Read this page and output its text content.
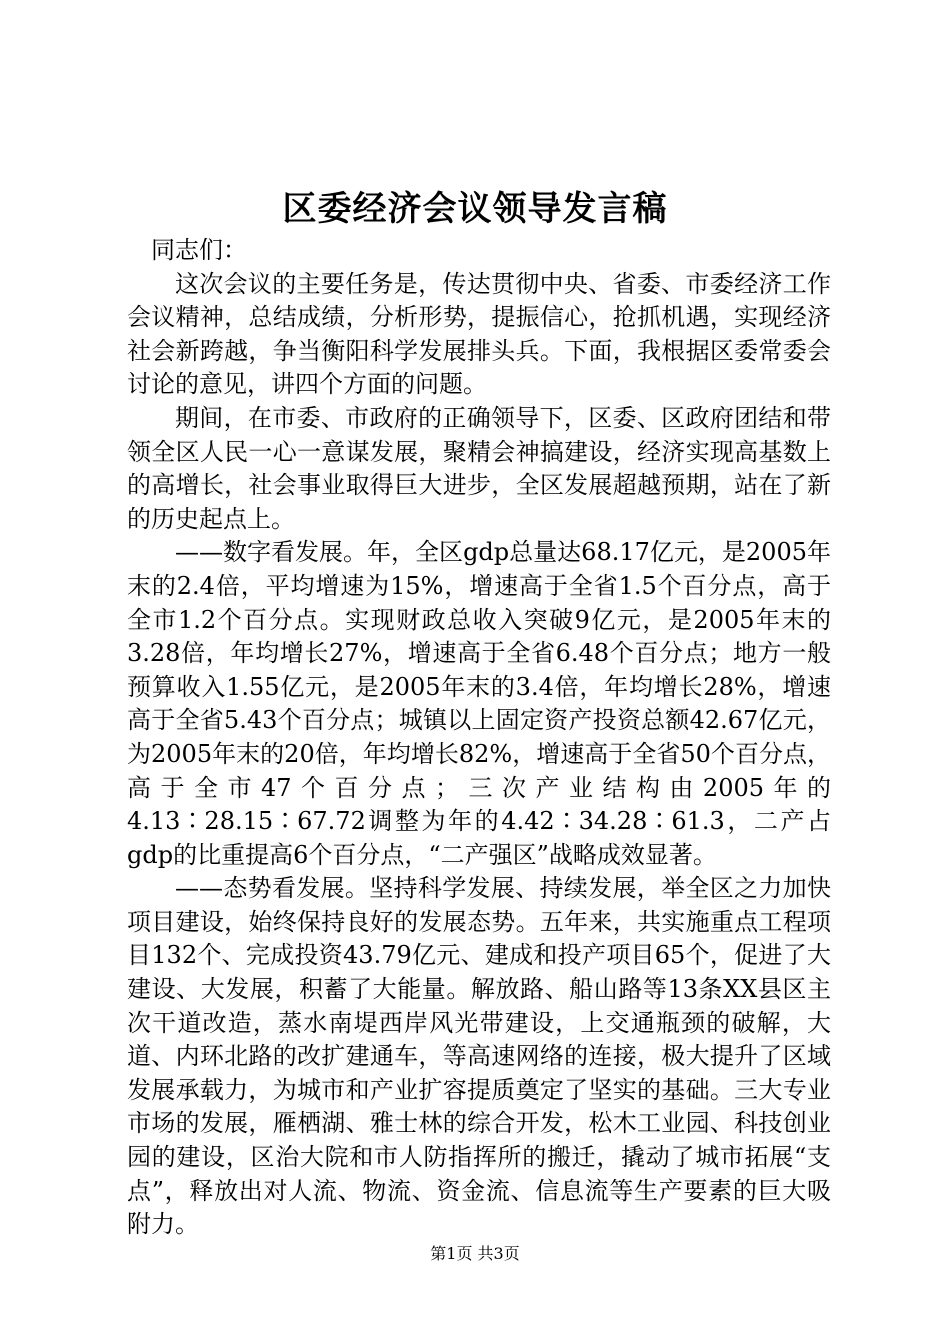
区委经济会议领导发言稿

同志们：

这次会议的主要任务是，传达贯彻中央、省委、市委经济工作会议精神，总结成绩，分析形势，提振信心，抢抓机遇，实现经济社会新跨越，争当衡阳科学发展排头兵。下面，我根据区委常委会讨论的意见，讲四个方面的问题。

期间，在市委、市政府的正确领导下，区委、区政府团结和带领全区人民一心一意谋发展，聚精会神搞建设，经济实现高基数上的高增长，社会事业取得巨大进步，全区发展超越预期，站在了新的历史起点上。

——数字看发展。年，全区gdp总量达68.17亿元，是2005年末的2.4倍，平均增速为15%，增速高于全省1.5个百分点，高于全市1.2个百分点。实现财政总收入突破9亿元，是2005年末的3.28倍，年均增长27%，增速高于全省6.48个百分点；地方一般预算收入1.55亿元，是2005年末的3.4倍，年均增长28%，增速高于全省5.43个百分点；城镇以上固定资产投资总额42.67亿元，为2005年末的20倍，年均增长82%，增速高于全省50个百分点，高于全市47个百分点；三次产业结构由2005年的4.13∶28.15∶67.72调整为年的4.42∶34.28∶61.3，二产占gdp的比重提高6个百分点，“二产强区”战略成效显著。

——态势看发展。坚持科学发展、持续发展，举全区之力加快项目建设，始终保持良好的发展态势。五年来，共实施重点工程项目132个、完成投资43.79亿元、建成和投产项目65个，促进了大建设、大发展，积蓄了大能量。解放路、船山路等13条XX县区主次干道改造，蒸水南堤西岸风光带建设，上交通瓶颈的破解，大道、内环北路的改扩建通车，等高速网络的连接，极大提升了区域发展承载力，为城市和产业扩容提质奠定了坚实的基础。三大专业市场的发展，雁栖湖、雅士林的综合开发，松木工业园、科技创业园的建设，区治大院和市人防指挥所的搬迁，撬动了城市拓展“支点”，释放出对人流、物流、资金流、信息流等生产要素的巨大吸附力。

第1页 共3页
